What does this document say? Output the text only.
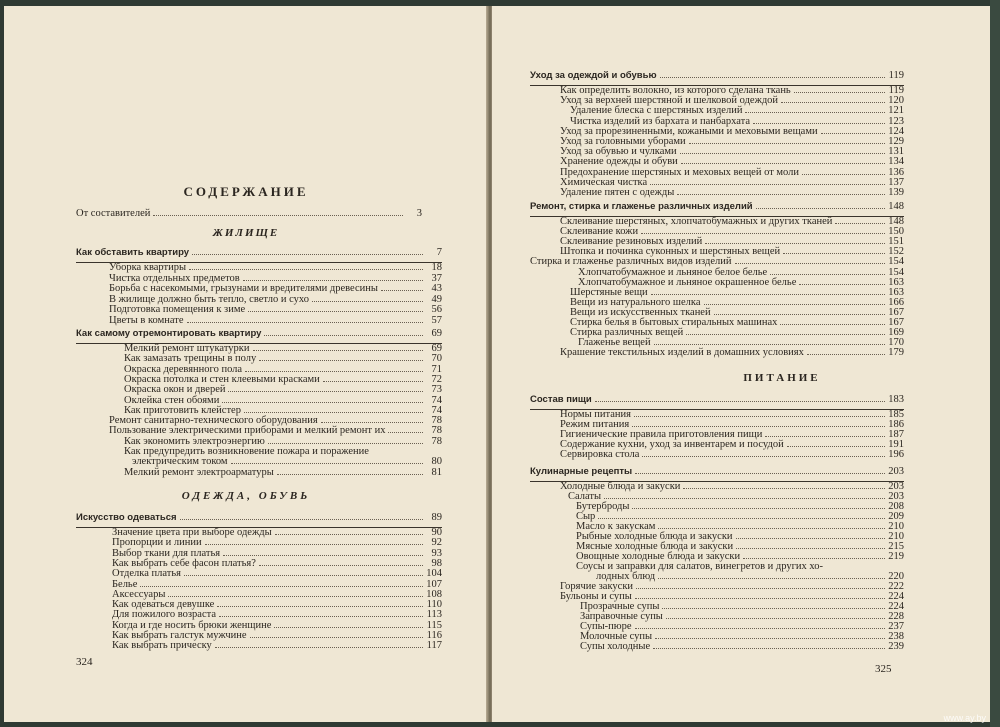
СОДЕРЖАНИЕ
От составителей	3
ЖИЛИЩЕ
Как обставить квартиру	7
Уборка квартиры	18
Чистка отдельных предметов	37
Борьба с насекомыми, грызунами и вредителями древесины	43
В жилище должно быть тепло, светло и сухо	49
Подготовка помещения к зиме	56
Цветы в комнате	57
Как самому отремонтировать квартиру	69
Мелкий ремонт штукатурки	69
Как замазать трещины в полу	70
Окраска деревянного пола	71
Окраска потолка и стен клеевыми красками	72
Окраска окон и дверей	73
Оклейка стен обоями	74
Как приготовить клейстер	74
Ремонт санитарно-технического оборудования	78
Пользование электрическими приборами и мелкий ремонт их	78
Как экономить электроэнергию	78
Как предупредить возникновение пожара и поражение
электрическим током	80
Мелкий ремонт электроарматуры	81
ОДЕЖДА, ОБУВЬ
Искусство одеваться	89
Значение цвета при выборе одежды	90
Пропорции и линии	92
Выбор ткани для платья	93
Как выбрать себе фасон платья?	98
Отделка платья	104
Белье	107
Аксессуары	108
Как одеваться девушке	110
Для пожилого возраста	113
Когда и где носить брюки женщине	115
Как выбрать галстук мужчине	116
Как выбрать прическу	117
324
Уход за одеждой и обувью	119
Как определить волокно, из которого сделана ткань	119
Уход за верхней шерстяной и шелковой одеждой	120
Удаление блеска с шерстяных изделий	121
Чистка изделий из бархата и панбархата	123
Уход за прорезиненными, кожаными и меховыми вещами	124
Уход за головными уборами	129
Уход за обувью и чулками	131
Хранение одежды и обуви	134
Предохранение шерстяных и меховых вещей от моли	136
Химическая чистка	137
Удаление пятен с одежды	139
Ремонт, стирка и глаженье различных изделий	148
Склеивание шерстяных, хлопчатобумажных и других тканей	148
Склеивание кожи	150
Склеивание резиновых изделий	151
Штопка и починка суконных и шерстяных вещей	152
Стирка и глаженье различных видов изделий	154
Хлопчатобумажное и льняное белое белье	154
Хлопчатобумажное и льняное окрашенное белье	163
Шерстяные вещи	163
Вещи из натурального шелка	166
Вещи из искусственных тканей	167
Стирка белья в бытовых стиральных машинах	167
Стирка различных вещей	169
Глаженье вещей	170
Крашение текстильных изделий в домашних условиях	179
ПИТАНИЕ
Состав пищи	183
Нормы питания	185
Режим питания	186
Гигиенические правила приготовления пищи	187
Содержание кухни, уход за инвентарем и посудой	191
Сервировка стола	196
Кулинарные рецепты	203
Холодные блюда и закуски	203
Салаты	203
Бутерброды	208
Сыр	209
Масло к закускам	210
Рыбные холодные блюда и закуски	210
Мясные холодные блюда и закуски	215
Овощные холодные блюда и закуски	219
Соусы и заправки для салатов, винегретов и других хо-
лодных блюд	220
Горячие закуски	222
Бульоны и супы	224
Прозрачные супы	224
Заправочные супы	228
Супы-пюре	237
Молочные супы	238
Супы холодные	239
325
www.ay.by
